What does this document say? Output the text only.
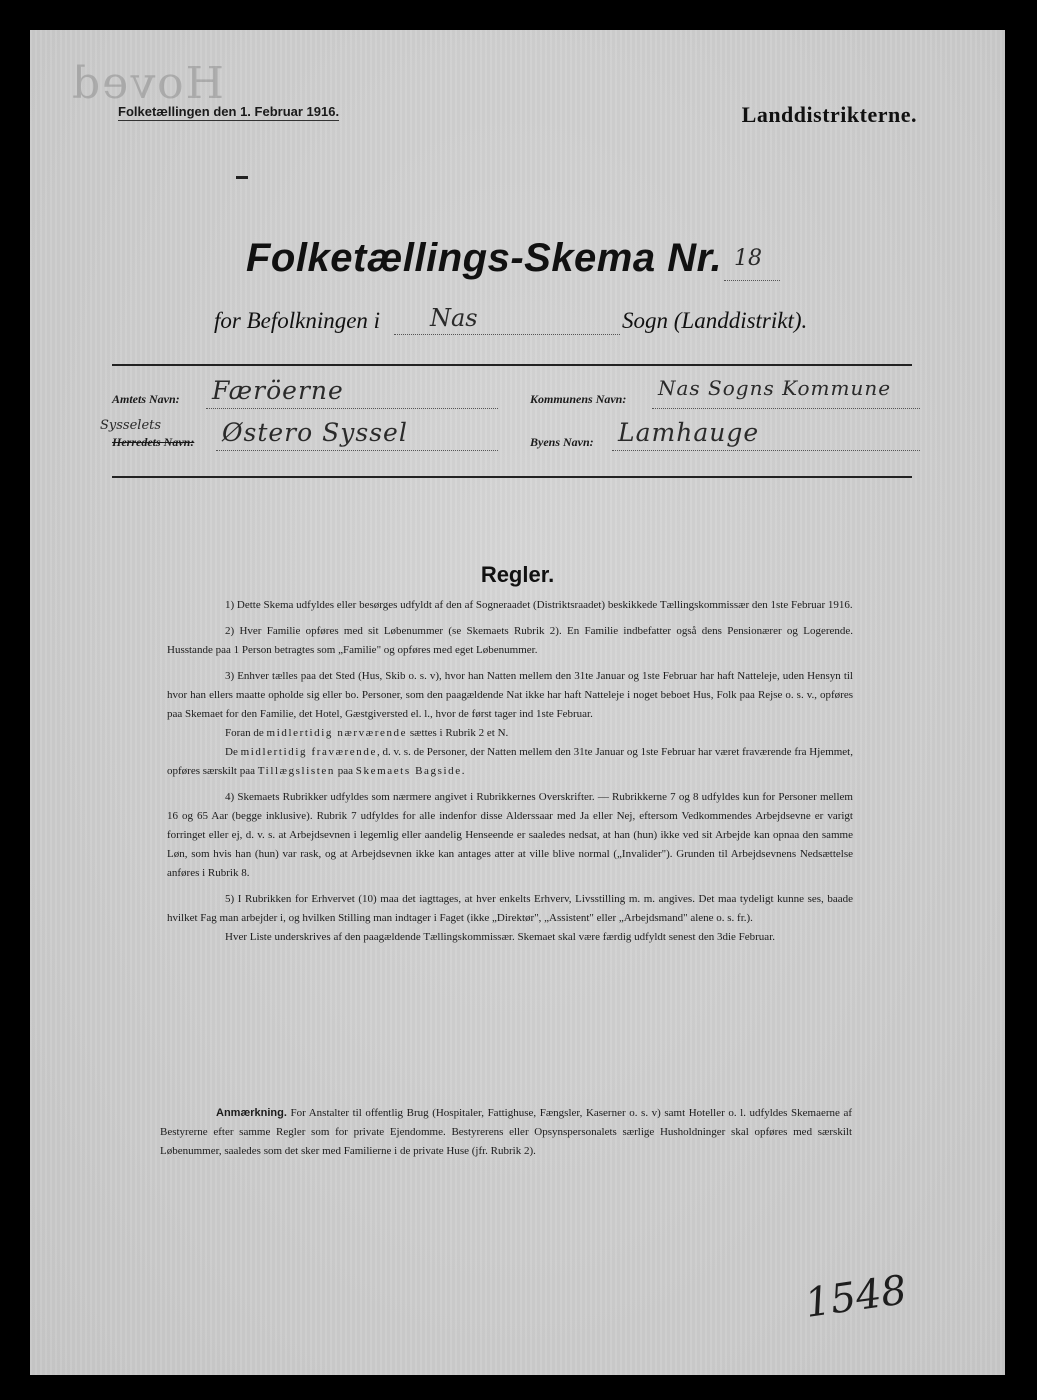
Hoved
Folketællingen den 1. Februar 1916.	Landdistrikterne.
Folketællings-Skema Nr. 18
for Befolkningen i Nas	Sogn (Landdistrikt).
Amtets Navn: Færöerne	Kommunens Navn: Nas Sogns Kommune
Sysselets
Herredets Navn: Østero Syssel	Byens Navn: Lamhauge
Regler.

1) Dette Skema udfyldes eller besørges udfyldt af den af Sogneraadet (Distriktsraadet) beskikkede Tællingskommissær den 1ste Februar 1916.

2) Hver Familie opføres med sit Løbenummer (se Skemaets Rubrik 2). En Familie indbefatter også dens Pensionærer og Logerende. Husstande paa 1 Person betragtes som „Familie" og opføres med eget Løbenummer.

3) Enhver tælles paa det Sted (Hus, Skib o. s. v), hvor han Natten mellem den 31te Januar og 1ste Februar har haft Natteleje, uden Hensyn til hvor han ellers maatte opholde sig eller bo. Personer, som den paagældende Nat ikke har haft Natteleje i noget beboet Hus, Folk paa Rejse o. s. v., opføres paa Skemaet for den Familie, det Hotel, Gæstgiversted el. l., hvor de først tager ind 1ste Februar.

Foran de midlertidig nærværende sættes i Rubrik 2 et N.

De midlertidig fraværende, d. v. s. de Personer, der Natten mellem den 31te Januar og 1ste Februar har været fraværende fra Hjemmet, opføres særskilt paa Tillægslisten paa Skemaets Bagside.

4) Skemaets Rubrikker udfyldes som nærmere angivet i Rubrikkernes Overskrifter. — Rubrikkerne 7 og 8 udfyldes kun for Personer mellem 16 og 65 Aar (begge inklusive). Rubrik 7 udfyldes for alle indenfor disse Alderssaar med Ja eller Nej, eftersom Vedkommendes Arbejdsevne er varigt forringet eller ej, d. v. s. at Arbejdsevnen i legemlig eller aandelig Henseende er saaledes nedsat, at han (hun) ikke ved sit Arbejde kan opnaa den samme Løn, som hvis han (hun) var rask, og at Arbejdsevnen ikke kan antages atter at ville blive normal („Invalider"). Grunden til Arbejdsevnens Nedsættelse anføres i Rubrik 8.

5) I Rubrikken for Erhvervet (10) maa det iagttages, at hver enkelts Erhverv, Livsstilling m. m. angives. Det maa tydeligt kunne ses, baade hvilket Fag man arbejder i, og hvilken Stilling man indtager i Faget (ikke „Direktør", „Assistent" eller „Arbejdsmand" alene o. s. fr.).

Hver Liste underskrives af den paagældende Tællingskommissær. Skemaet skal være færdig udfyldt senest den 3die Februar.

Anmærkning. For Anstalter til offentlig Brug (Hospitaler, Fattighuse, Fængsler, Kaserner o. s. v) samt Hoteller o. l. udfyldes Skemaerne af Bestyrerne efter samme Regler som for private Ejendomme. Bestyrerens eller Opsynspersonalets særlige Husholdninger skal opføres med særskilt Løbenummer, saaledes som det sker med Familierne i de private Huse (jfr. Rubrik 2).
1548
